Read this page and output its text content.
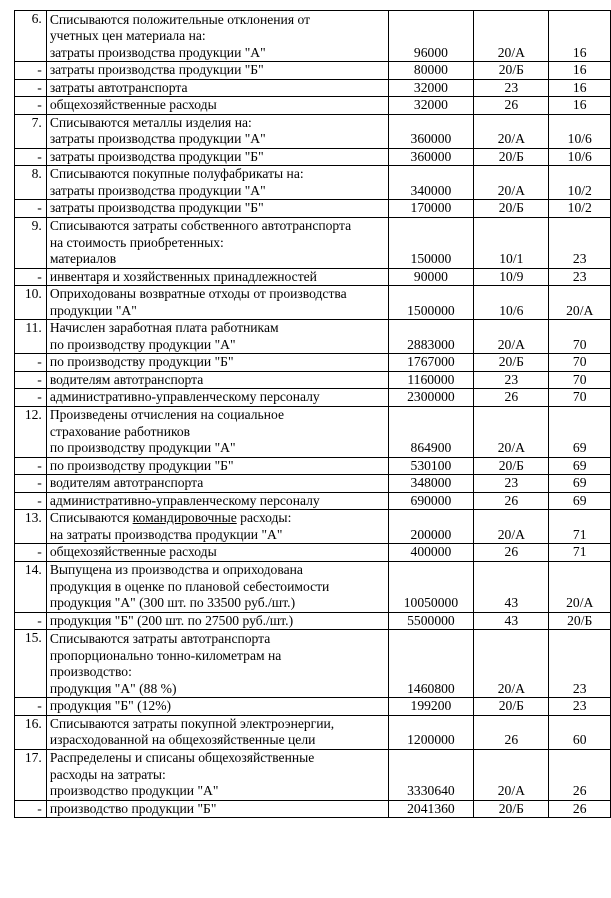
6.	Списываются положительные отклонения от
учетных цен материала на:
затраты производства продукции "А"	96000	20/А	16

-	затраты производства продукции "Б"	80000	20/Б	16
-	затраты автотранспорта	32000	23	16
-	общехозяйственные расходы	32000	26	16
7.	Списываются металлы изделия на:
затраты производства продукции "А"	360000	20/А	10/6

-	затраты производства продукции "Б"	360000	20/Б	10/6
8.	Списываются покупные полуфабрикаты на:
затраты производства продукции "А"	340000	20/А	10/2

-	затраты производства продукции "Б"	170000	20/Б	10/2
9.	Списываются затраты собственного автотранспорта
на стоимость приобретенных:
материалов	150000	10/1	23

-	инвентаря и хозяйственных принадлежностей	90000	10/9	23
10.	Оприходованы возвратные отходы от производства
продукции "А"	1500000	10/6	20/А

11.	Начислен заработная плата работникам
по производству продукции "А"	2883000	20/А	70

-	по производству продукции "Б"	1767000	20/Б	70
-	водителям автотранспорта	1160000	23	70
-	административно-управленческому персоналу	2300000	26	70
12.	Произведены отчисления на социальное
страхование работников
по производству продукции "А"	864900	20/А	69

-	по производству продукции "Б"	530100	20/Б	69
-	водителям автотранспорта	348000	23	69
-	административно-управленческому персоналу	690000	26	69
13.	Списываются командировочные расходы:
на затраты производства продукции "А"	200000	20/А	71

-	общехозяйственные расходы	400000	26	71
14.	Выпущена из производства и оприходована
продукция в оценке по плановой себестоимости
продукция "А" (300 шт. по 33500 руб./шт.)	10050000	43	20/А

-	продукция "Б" (200 шт. по 27500 руб./шт.)	5500000	43	20/Б
15.	Списываются затраты автотранспорта
пропорционально тонно-километрам на
производство:
продукция "А" (88 %)	1460800	20/А	23

-	продукция "Б" (12%)	199200	20/Б	23
16.	Списываются затраты покупной электроэнергии,
израсходованной на общехозяйственные цели	1200000	26	60

17.	Распределены и списаны общехозяйственные
расходы на затраты:
производство продукции "А"	3330640	20/А	26

-	производство продукции "Б"	2041360	20/Б	26
